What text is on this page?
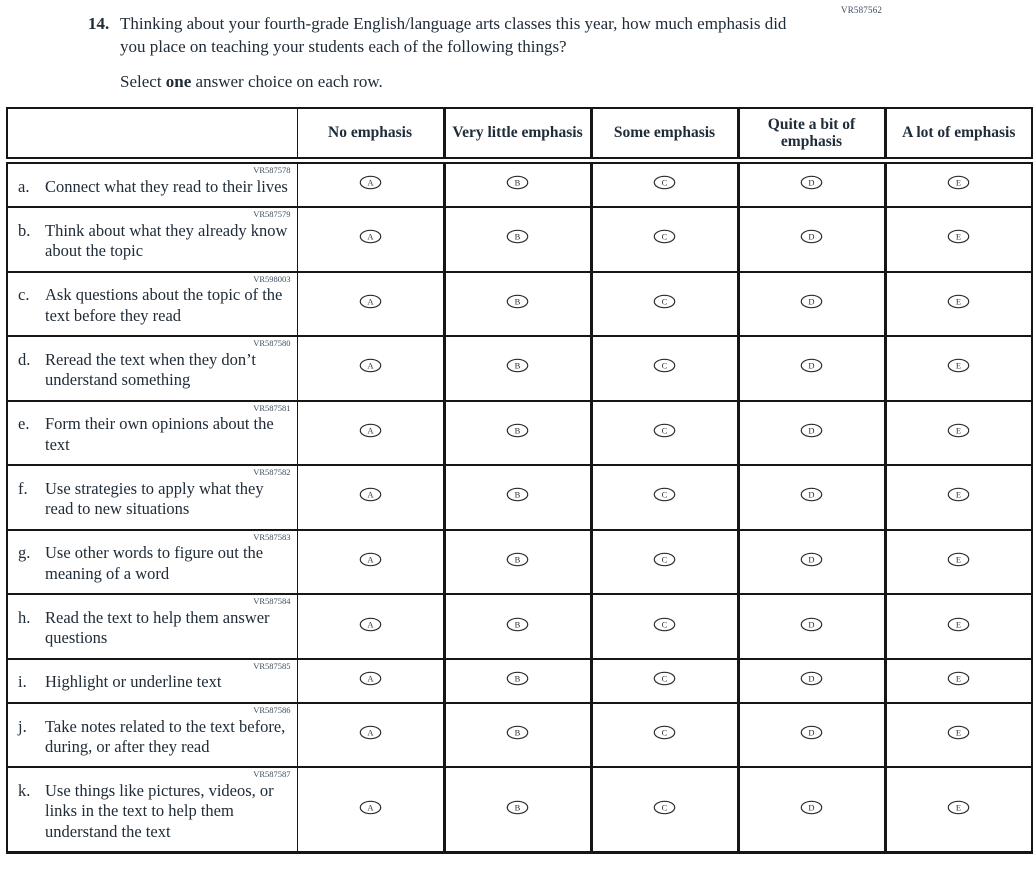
VR587562
14. Thinking about your fourth-grade English/language arts classes this year, how much emphasis did you place on teaching your students each of the following things?

Select one answer choice on each row.

	No emphasis	Very little emphasis	Some emphasis	Quite a bit of emphasis	A lot of emphasis

VR587578
a. Connect what they read to their lives	A	B	C	D	E

VR587579
b. Think about what they already know about the topic	A	B	C	D	E

VR598003
c. Ask questions about the topic of the text before they read	A	B	C	D	E

VR587580
d. Reread the text when they don’t understand something	A	B	C	D	E

VR587581
e. Form their own opinions about the text	A	B	C	D	E

VR587582
f. Use strategies to apply what they read to new situations	A	B	C	D	E

VR587583
g. Use other words to figure out the meaning of a word	A	B	C	D	E

VR587584
h. Read the text to help them answer questions	A	B	C	D	E

VR587585
i. Highlight or underline text	A	B	C	D	E

VR587586
j. Take notes related to the text before, during, or after they read	A	B	C	D	E

VR587587
k. Use things like pictures, videos, or links in the text to help them understand the text	A	B	C	D	E
